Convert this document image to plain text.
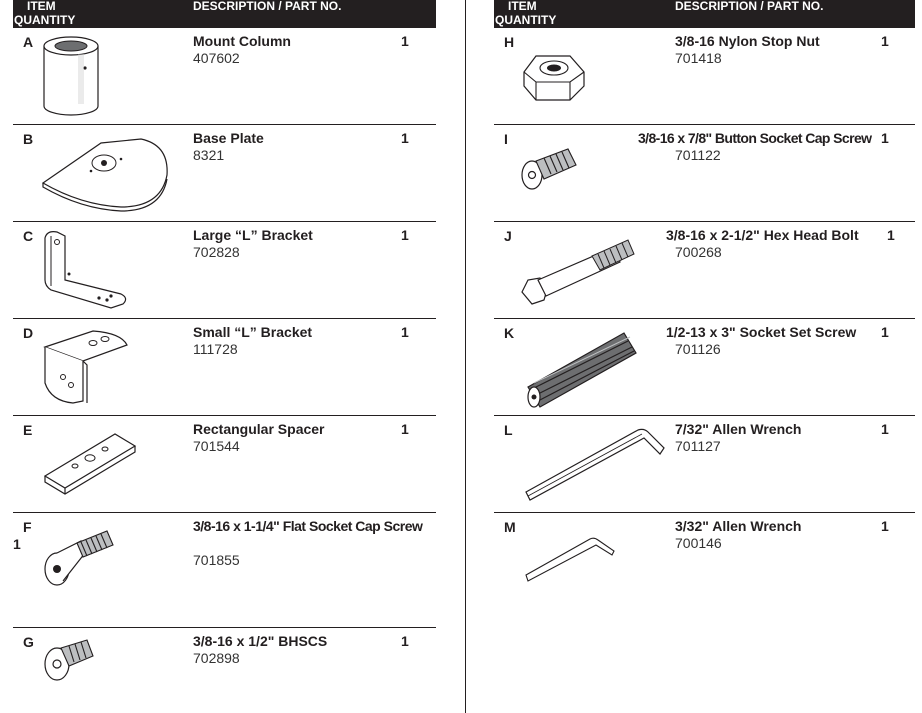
ITEM
QUANTITY
DESCRIPTION / PART NO.
A	Mount Column
407602
1
B	Base Plate
8321
1
C	Large “L” Bracket
702828
1
D	Small “L” Bracket
111728
1
E	Rectangular Spacer
701544
1
F	3/8-16 x 1-1/4" Flat Socket Cap Screw
701855
1
G	3/8-16 x 1/2" BHSCS
702898
1
ITEM
QUANTITY
DESCRIPTION / PART NO.
H	3/8-16 Nylon Stop Nut
701418
1
I	3/8-16 x 7/8" Button Socket Cap Screw
701122
1
J	3/8-16 x 2-1/2" Hex Head Bolt
700268
1
K	1/2-13 x 3" Socket Set Screw
701126
1
L	7/32" Allen Wrench
701127
1
M	3/32" Allen Wrench
700146
1
